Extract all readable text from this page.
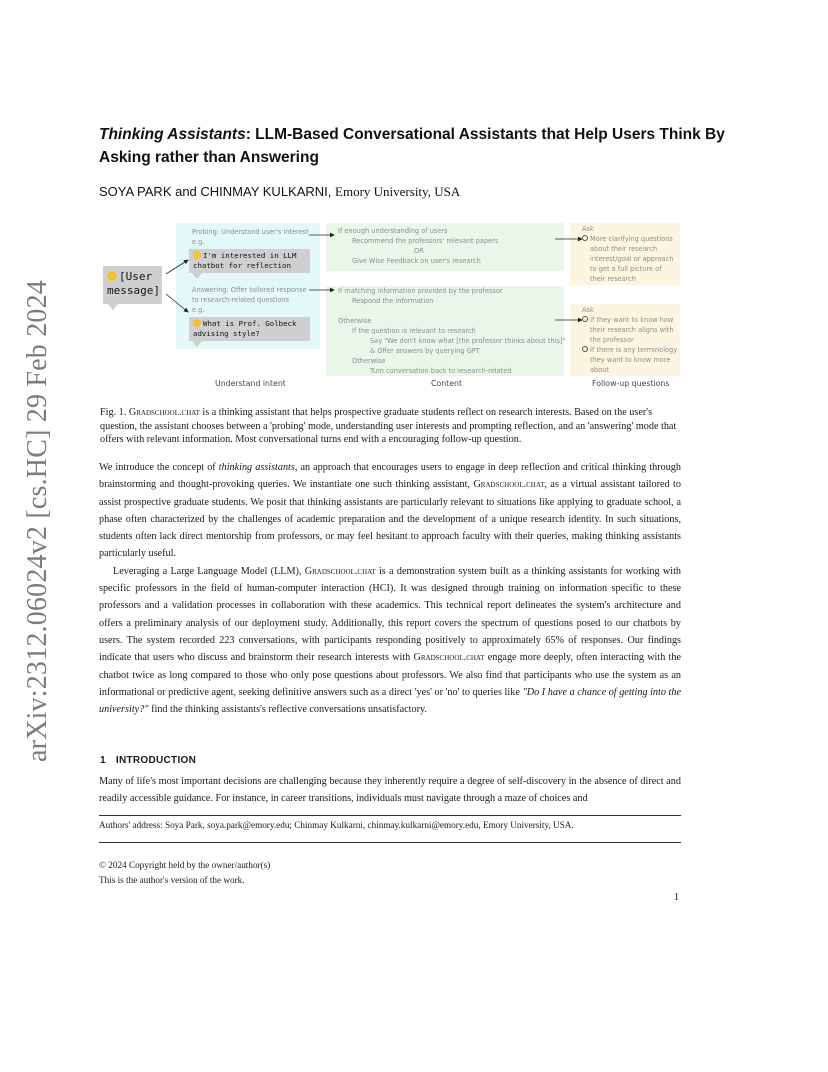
arXiv:2312.06024v2 [cs.HC] 29 Feb 2024
Thinking Assistants: LLM-Based Conversational Assistants that Help Users Think By Asking rather than Answering
SOYA PARK and CHINMAY KULKARNI, Emory University, USA
[User
message]
Probing: Understand user's interest
e.g.
I'm interested in LLM
chatbot for reflection
Answering: Offer tailored response
to research-related questions
e.g.
What is Prof. Golbeck
advising style?
If enough understanding of users
Recommend the professors' relevant papers
OR
Give Wise Feedback on user's research
If matching information provided by the professor
Respond the information
Otherwise
If the question is relevant to research
Say "We don't know what [the professor thinks about this]"
& Offer answers by querying GPT
Otherwise
Turn conversation back to research-related
Ask
More clarifying questions
about their research
interest/goal or approach
to get a full picture of
their research
Ask
If they want to know how
their research aligns with
the professor
If there is any terminology
they want to know more
about
Understand intent	Content	Follow-up questions
Fig. 1. Gradschool.chat is a thinking assistant that helps prospective graduate students reflect on research interests. Based on the user's question, the assistant chooses between a 'probing' mode, understanding user interests and prompting reflection, and an 'answering' mode that offers with relevant information. Most conversational turns end with a encouraging follow-up question.

We introduce the concept of thinking assistants, an approach that encourages users to engage in deep reflection and critical thinking through brainstorming and thought-provoking queries. We instantiate one such thinking assistant, Gradschool.chat, as a virtual assistant tailored to assist prospective graduate students. We posit that thinking assistants are particularly relevant to situations like applying to graduate school, a phase often characterized by the challenges of academic preparation and the development of a unique research identity. In such situations, students often lack direct mentorship from professors, or may feel hesitant to approach faculty with their queries, making thinking assistants particularly useful.

Leveraging a Large Language Model (LLM), Gradschool.chat is a demonstration system built as a thinking assistants for working with specific professors in the field of human-computer interaction (HCI). It was designed through training on information specific to these professors and a validation processes in collaboration with these academics. This technical report delineates the system's architecture and offers a preliminary analysis of our deployment study. Additionally, this report covers the spectrum of questions posed to our chatbots by users. The system recorded 223 conversations, with participants responding positively to approximately 65% of responses. Our findings indicate that users who discuss and brainstorm their research interests with Gradschool.chat engage more deeply, often interacting with the chatbot twice as long compared to those who only pose questions about professors. We also find that participants who use the system as an informational or predictive agent, seeking definitive answers such as a direct 'yes' or 'no' to queries like "Do I have a chance of getting into the university?" find the thinking assistants's reflective conversations unsatisfactory.

1 INTRODUCTION

Many of life's most important decisions are challenging because they inherently require a degree of self-discovery in the absence of direct and readily accessible guidance. For instance, in career transitions, individuals must navigate through a maze of choices and

Authors' address: Soya Park, soya.park@emory.edu; Chinmay Kulkarni, chinmay.kulkarni@emory.edu, Emory University, USA.
© 2024 Copyright held by the owner/author(s)
This is the author's version of the work.
1
